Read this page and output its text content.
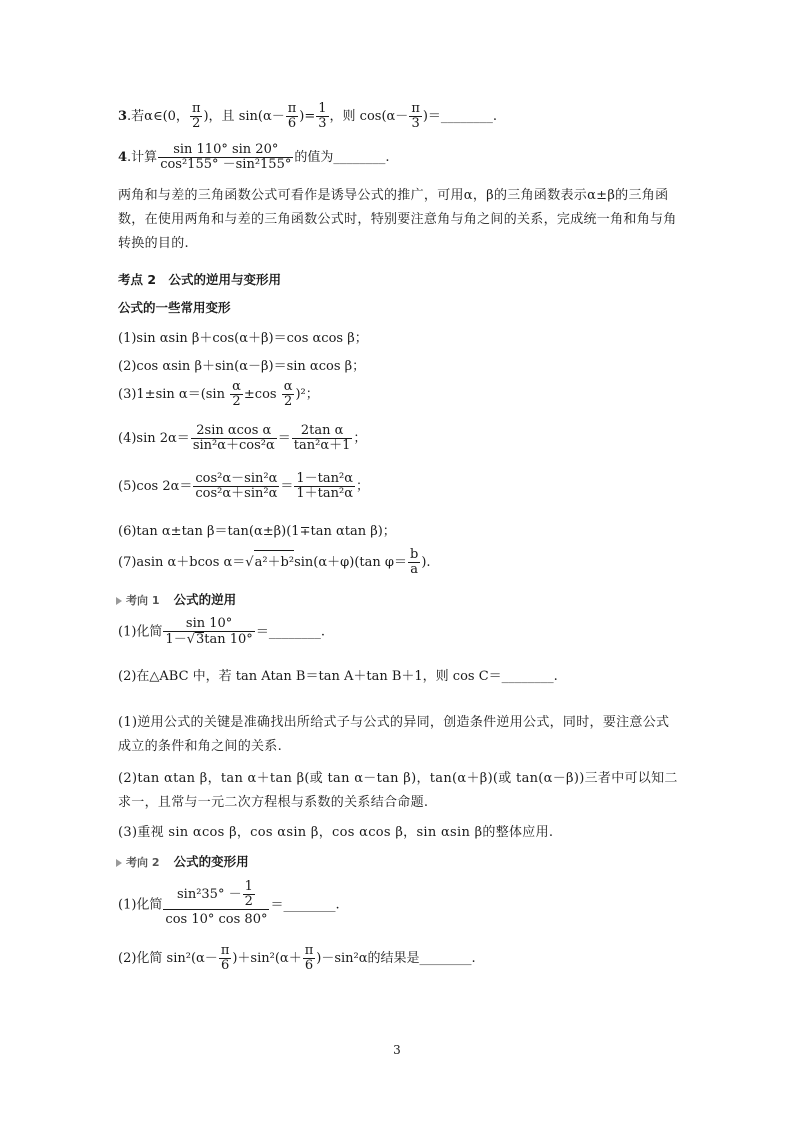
3.若α∈(0， $\frac{\pi}{2}$ )，且 $\sin(\alpha- \frac{\pi}{6}$ )= $\frac{1}{3}$ ，则 $\cos(\alpha- \frac{\pi}{3}$ )＝________.
4.计算 $\frac{\sin 110^\circ \sin 20^\circ}{\text{cos²155° －sin²155°}}$ 的值为________.
两角和与差的三角函数公式可看作是诱导公式的推广，可用α，β的三角函数表示α±β的三角函数，在使用两角和与差的三角函数公式时，特别要注意角与角之间的关系，完成统一角和角与角转换的目的.
考点 2　公式的逆用与变形用
公式的一些常用变形
(1)sin αsin β＋cos(α＋β)＝cos αcos β；
(2)cos αsin β＋sin(α－β)＝sin αcos β；
(3)1±sin $\alpha=(\sin \frac{\alpha}{2} \pm\cos \frac{\alpha}{2} )^2$；
(4)sin $2\alpha= \frac{\text{2sin αcos α}}{\text{sin²α＋cos²α}} = \frac{\text{2tan α}}{\text{tan²α＋1}}$ ；
(5)cos $2\alpha= \frac{\text{cos²α－sin²α}}{\text{cos²α＋sin²α}} = \frac{\text{1－tan²α}}{\text{1＋tan²α}}$ ；
(6)tan α±tan β＝tan(α±β)(1∓tan αtan β)；
(7)asin α＋bcos α＝√a²＋b²sin(α＋φ)(tan $\varphi= \frac{b}{a}$ ).
考向 1 公式的逆用
(1)化简 $\frac{\sin 10^\circ}{1-√3\tan 10^\circ}$ ＝________.
(2)在△ABC 中，若 tan Atan B＝tan A＋tan B＋1，则 cos C＝________.
(1)逆用公式的关键是准确找出所给式子与公式的异同，创造条件逆用公式，同时，要注意公式成立的条件和角之间的关系.
(2)tan αtan β，tan α＋tan β(或 tan α－tan β)，tan(α＋β)(或 tan(α－β))三者中可以知二求一，且常与一元二次方程根与系数的关系结合命题.
(3)重视 sin αcos β，cos αsin β，cos αcos β，sin αsin β的整体应用.
考向 2 公式的变形用
(1)化简 $\frac{\sin^235^\circ - \frac{1}{2}}{\cos 10^\circ \cos 80^\circ}$ ＝________.
(2)化简 $\sin^2(\alpha- \frac{\pi}{6} )+\sin^2(\alpha+ \frac{\pi}{6} )-\sin^2\alpha$的结果是________.
3
